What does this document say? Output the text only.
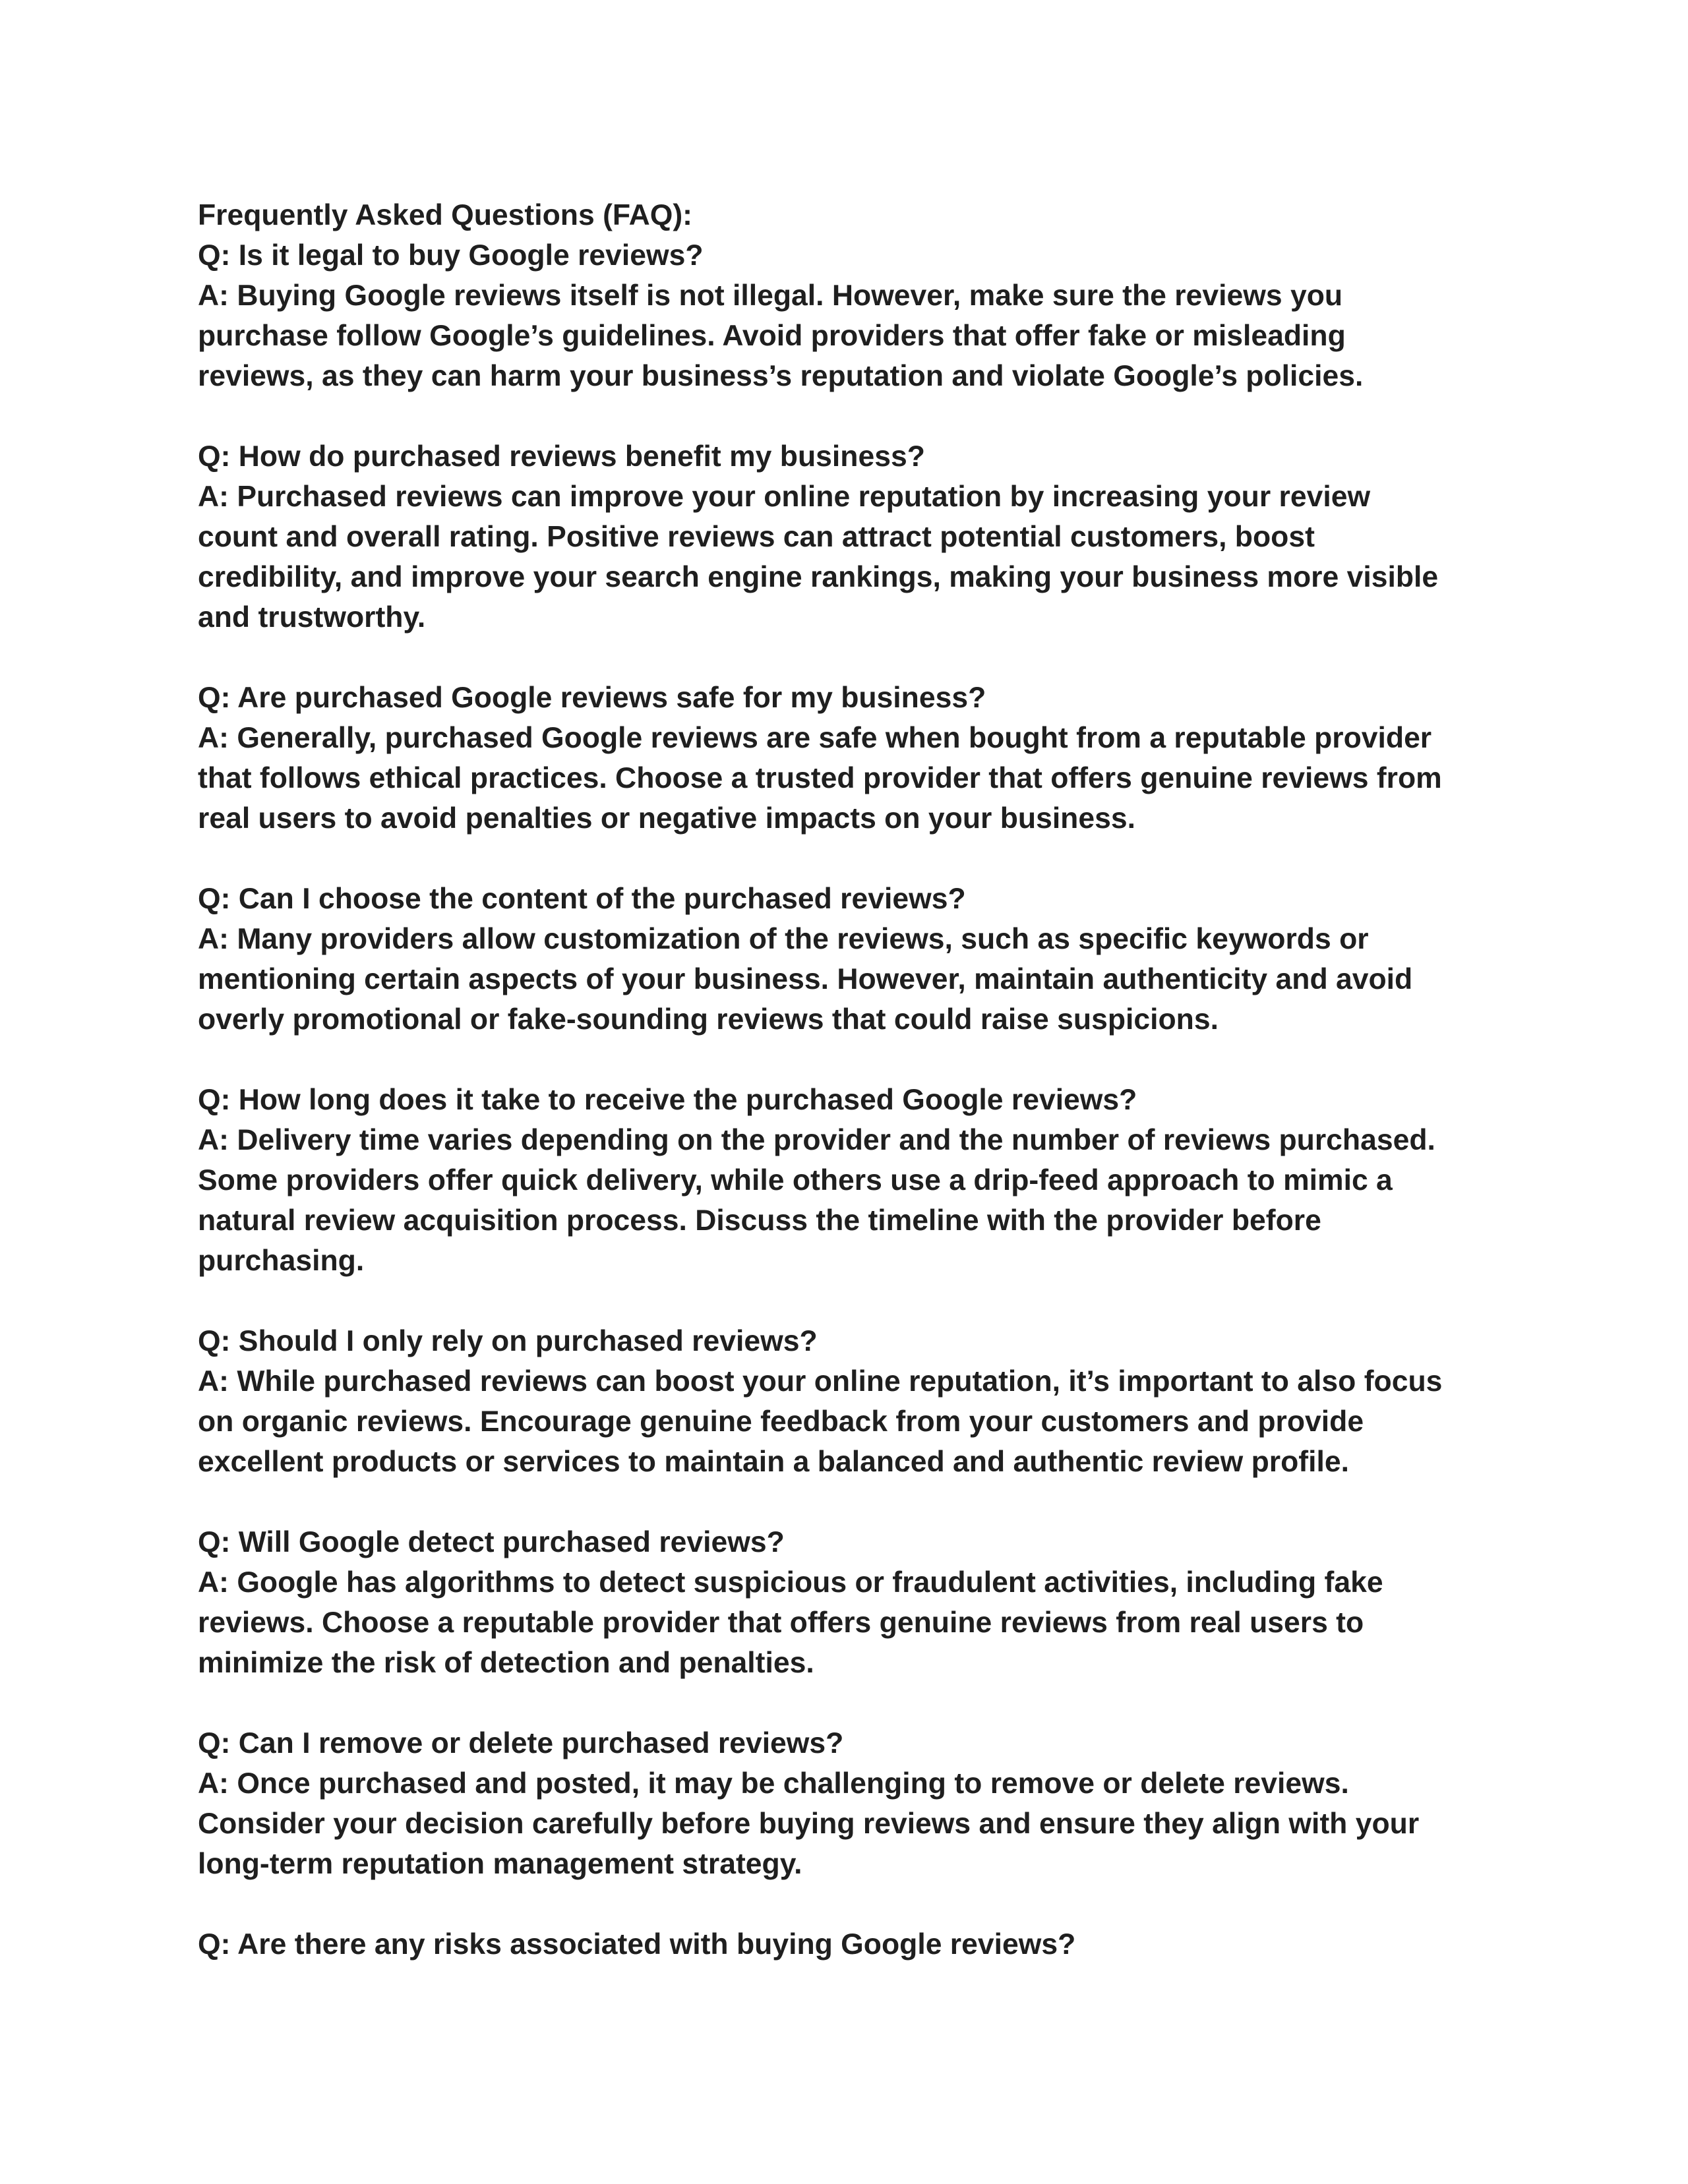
Frequently Asked Questions (FAQ):
Q: Is it legal to buy Google reviews?
A: Buying Google reviews itself is not illegal. However, make sure the reviews you
purchase follow Google’s guidelines. Avoid providers that offer fake or misleading
reviews, as they can harm your business’s reputation and violate Google’s policies.
Q: How do purchased reviews benefit my business?
A: Purchased reviews can improve your online reputation by increasing your review
count and overall rating. Positive reviews can attract potential customers, boost
credibility, and improve your search engine rankings, making your business more visible
and trustworthy.
Q: Are purchased Google reviews safe for my business?
A: Generally, purchased Google reviews are safe when bought from a reputable provider
that follows ethical practices. Choose a trusted provider that offers genuine reviews from
real users to avoid penalties or negative impacts on your business.
Q: Can I choose the content of the purchased reviews?
A: Many providers allow customization of the reviews, such as specific keywords or
mentioning certain aspects of your business. However, maintain authenticity and avoid
overly promotional or fake-sounding reviews that could raise suspicions.
Q: How long does it take to receive the purchased Google reviews?
A: Delivery time varies depending on the provider and the number of reviews purchased.
Some providers offer quick delivery, while others use a drip-feed approach to mimic a
natural review acquisition process. Discuss the timeline with the provider before
purchasing.
Q: Should I only rely on purchased reviews?
A: While purchased reviews can boost your online reputation, it’s important to also focus
on organic reviews. Encourage genuine feedback from your customers and provide
excellent products or services to maintain a balanced and authentic review profile.
Q: Will Google detect purchased reviews?
A: Google has algorithms to detect suspicious or fraudulent activities, including fake
reviews. Choose a reputable provider that offers genuine reviews from real users to
minimize the risk of detection and penalties.
Q: Can I remove or delete purchased reviews?
A: Once purchased and posted, it may be challenging to remove or delete reviews.
Consider your decision carefully before buying reviews and ensure they align with your
long-term reputation management strategy.
Q: Are there any risks associated with buying Google reviews?
